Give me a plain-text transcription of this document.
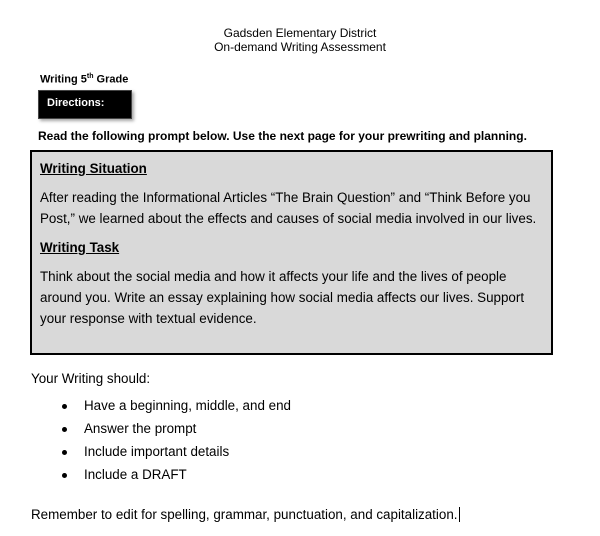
Gadsden Elementary District
On-demand Writing Assessment
Writing 5th Grade
Directions:
Read the following prompt below. Use the next page for your prewriting and planning.
Writing Situation
After reading the Informational Articles “The Brain Question” and “Think Before you Post,” we learned about the effects and causes of social media involved in our lives.
Writing Task
Think about the social media and how it affects your life and the lives of people around you. Write an essay explaining how social media affects our lives. Support your response with textual evidence.
Your Writing should:
Have a beginning, middle, and end
Answer the prompt
Include important details
Include a DRAFT
Remember to edit for spelling, grammar, punctuation, and capitalization.
